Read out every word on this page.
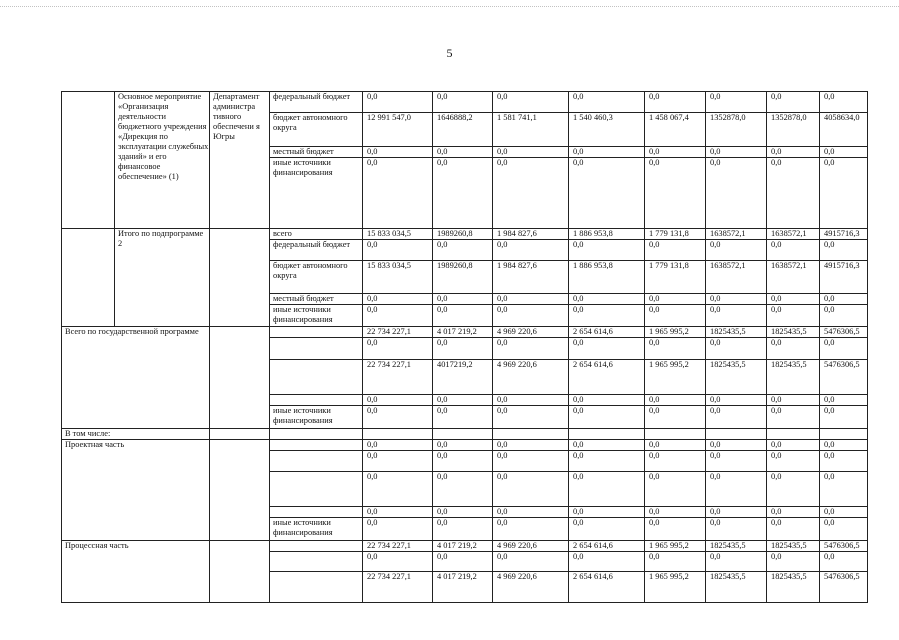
5
	Основное мероприятие «Организация деятельности бюджетного учреждения «Дирекция по эксплуатации служебных зданий» и его финансовое обеспечение» (1)	Департамент администра тивного обеспечени я Югры	федеральный бюджет	0,0	0,0	0,0	0,0	0,0	0,0	0,0	0,0
			бюджет автономного округа	12 991 547,0	1646888,2	1 581 741,1	1 540 460,3	1 458 067,4	1352878,0	1352878,0	4058634,0
			местный бюджет	0,0	0,0	0,0	0,0	0,0	0,0	0,0	0,0
			иные источники финансирования	0,0	0,0	0,0	0,0	0,0	0,0	0,0	0,0
	Итого по подпрограмме 2		всего	15 833 034,5	1989260,8	1 984 827,6	1 886 953,8	1 779 131,8	1638572,1	1638572,1	4915716,3
			федеральный бюджет	0,0	0,0	0,0	0,0	0,0	0,0	0,0	0,0
			бюджет автономного округа	15 833 034,5	1989260,8	1 984 827,6	1 886 953,8	1 779 131,8	1638572,1	1638572,1	4915716,3
			местный бюджет	0,0	0,0	0,0	0,0	0,0	0,0	0,0	0,0
			иные источники финансирования	0,0	0,0	0,0	0,0	0,0	0,0	0,0	0,0
Всего по государственной программе				22 734 227,1	4 017 219,2	4 969 220,6	2 654 614,6	1 965 995,2	1825435,5	1825435,5	5476306,5
				0,0	0,0	0,0	0,0	0,0	0,0	0,0	0,0
				22 734 227,1	4017219,2	4 969 220,6	2 654 614,6	1 965 995,2	1825435,5	1825435,5	5476306,5
				0,0	0,0	0,0	0,0	0,0	0,0	0,0	0,0
			иные источники финансирования	0,0	0,0	0,0	0,0	0,0	0,0	0,0	0,0
В том числе:											
Проектная часть				0,0	0,0	0,0	0,0	0,0	0,0	0,0	0,0
				0,0	0,0	0,0	0,0	0,0	0,0	0,0	0,0
				0,0	0,0	0,0	0,0	0,0	0,0	0,0	0,0
				0,0	0,0	0,0	0,0	0,0	0,0	0,0	0,0
			иные источники финансирования	0,0	0,0	0,0	0,0	0,0	0,0	0,0	0,0
Процессная часть				22 734 227,1	4 017 219,2	4 969 220,6	2 654 614,6	1 965 995,2	1825435,5	1825435,5	5476306,5
				0,0	0,0	0,0	0,0	0,0	0,0	0,0	0,0
				22 734 227,1	4 017 219,2	4 969 220,6	2 654 614,6	1 965 995,2	1825435,5	1825435,5	5476306,5
